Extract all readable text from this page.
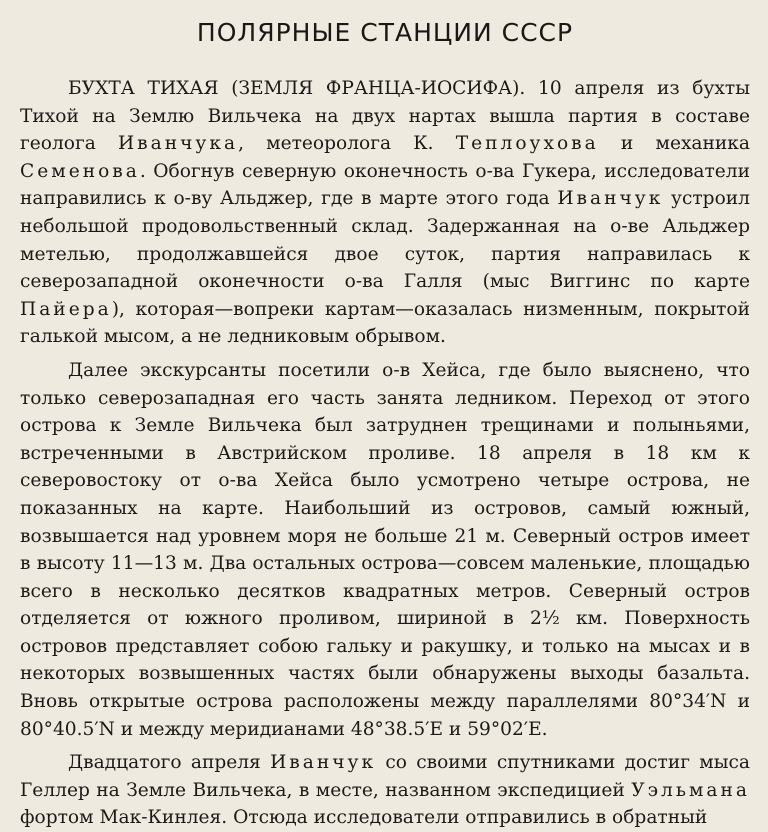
ПОЛЯРНЫЕ СТАНЦИИ СССР

БУХТА ТИХАЯ (ЗЕМЛЯ ФРАНЦА-ИОСИФА). 10 апреля из бухты Тихой на Землю Вильчека на двух нартах вышла партия в составе геолога Иванчука, метеоролога К. Теплоухова и механика Семенова. Обогнув северную оконечность о-ва Гукера, исследователи направились к о-ву Альджер, где в марте этого года Иванчук устроил небольшой продовольственный склад. Задержанная на о-ве Альджер метелью, продолжавшейся двое суток, партия направилась к северозападной оконечности о-ва Галля (мыс Виггинс по карте Пайера), которая—вопреки картам—оказалась низменным, покрытой галькой мысом, а не ледниковым обрывом.

Далее экскурсанты посетили о-в Хейса, где было выяснено, что только северозападная его часть занята ледником. Переход от этого острова к Земле Вильчека был затруднен трещинами и полыньями, встреченными в Австрийском проливе. 18 апреля в 18 км к северовостоку от о-ва Хейса было усмотрено четыре острова, не показанных на карте. Наибольший из островов, самый южный, возвышается над уровнем моря не больше 21 м. Северный остров имеет в высоту 11—13 м. Два остальных острова—совсем маленькие, площадью всего в несколько десятков квадратных метров. Северный остров отделяется от южного проливом, шириной в 2½ км. Поверхность островов представляет собою гальку и ракушку, и только на мысах и в некоторых возвышенных частях были обнаружены выходы базальта. Вновь открытые острова расположены между параллелями 80°34′N и 80°40.5′N и между меридианами 48°38.5′E и 59°02′E.

Двадцатого апреля Иванчук со своими спутниками достиг мыса Геллер на Земле Вильчека, в месте, названном экспедицией Уэльмана фортом Мак-Кинлея. Отсюда исследователи отправились в обратный
